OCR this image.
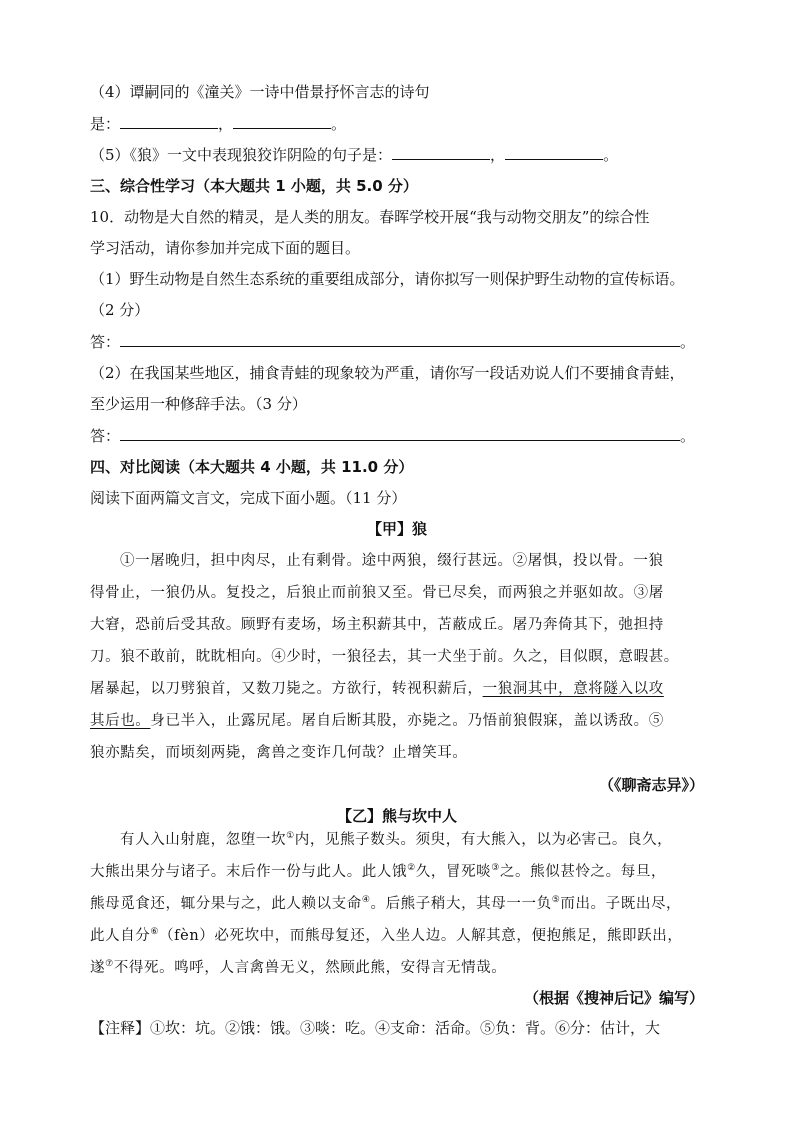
（4）谭嗣同的《潼关》一诗中借景抒怀言志的诗句
是：	，	。
（5）《狼》一文中表现狼狡诈阴险的句子是：	，	。
三、综合性学习（本大题共 1 小题，共 5.0 分）
10．动物是大自然的精灵，是人类的朋友。春晖学校开展“我与动物交朋友”的综合性
学习活动，请你参加并完成下面的题目。
（1）野生动物是自然生态系统的重要组成部分，请你拟写一则保护野生动物的宣传标语。
（2 分）
答：	。
（2）在我国某些地区，捕食青蛙的现象较为严重，请你写一段话劝说人们不要捕食青蛙，
至少运用一种修辞手法。（3 分）
答：	。
四、对比阅读（本大题共 4 小题，共 11.0 分）
阅读下面两篇文言文，完成下面小题。（11 分）
【甲】狼
①一屠晚归，担中肉尽，止有剩骨。途中两狼，缀行甚远。②屠惧，投以骨。一狼
得骨止，一狼仍从。复投之，后狼止而前狼又至。骨已尽矣，而两狼之并驱如故。③屠
大窘，恐前后受其敌。顾野有麦场，场主积薪其中，苫蔽成丘。屠乃奔倚其下，弛担持
刀。狼不敢前，眈眈相向。④少时，一狼径去，其一犬坐于前。久之，目似瞑，意暇甚。
屠暴起，以刀劈狼首，又数刀毙之。方欲行，转视积薪后，一狼洞其中，意将隧入以攻
其后也。身已半入，止露尻尾。屠自后断其股，亦毙之。乃悟前狼假寐，盖以诱敌。⑤
狼亦黠矣，而顷刻两毙，禽兽之变诈几何哉？止增笑耳。
（《聊斋志异》）
【乙】熊与坎中人
有人入山射鹿，忽堕一坎①内，见熊子数头。须臾，有大熊入，以为必害己。良久，
大熊出果分与诸子。末后作一份与此人。此人饿②久，冒死啖③之。熊似甚怜之。每旦，
熊母觅食还，辄分果与之，此人赖以支命④。后熊子稍大，其母一一负⑤而出。子既出尽，
此人自分⑥（fèn）必死坎中，而熊母复还，入坐人边。人解其意，便抱熊足，熊即跃出，
遂⑦不得死。鸣呼，人言禽兽无义，然顾此熊，安得言无情哉。
（根据《搜神后记》编写）
【注释】①坎：坑。②饿：饿。③啖：吃。④支命：活命。⑤负：背。⑥分：估计，大
